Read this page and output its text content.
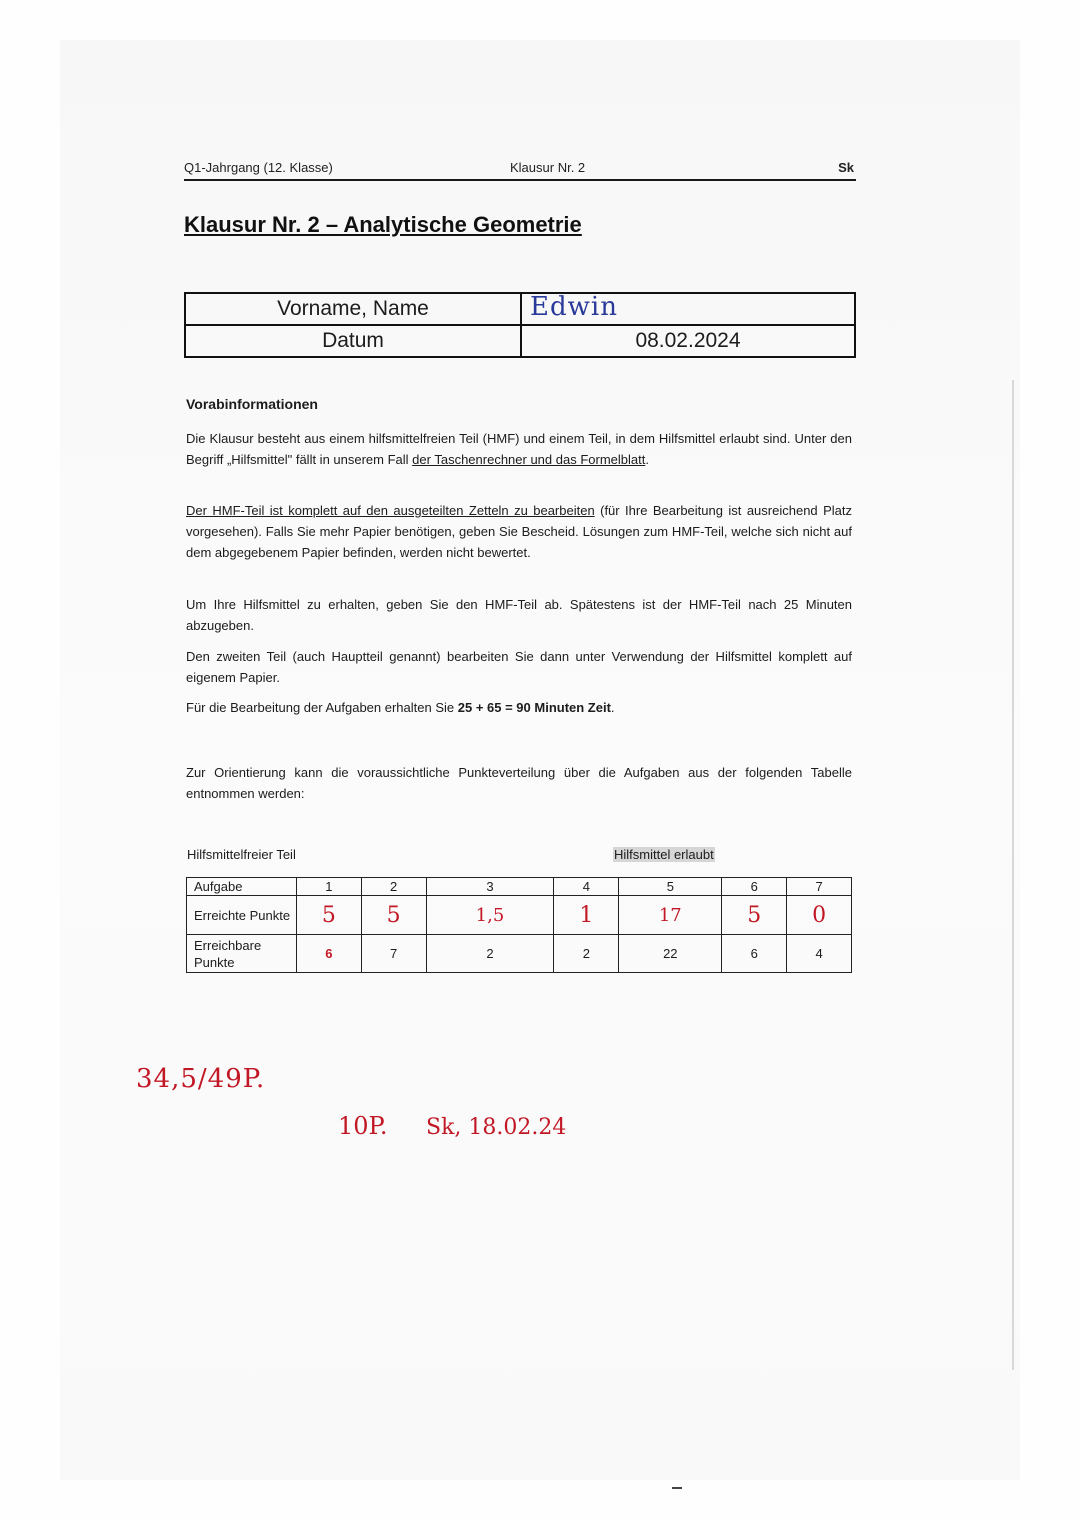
Q1-Jahrgang (12. Klasse)	Klausur Nr. 2	Sk
Klausur Nr. 2 – Analytische Geometrie
Vorname, Name	Edwin

Datum	08.02.2024
Vorabinformationen

Die Klausur besteht aus einem hilfsmittelfreien Teil (HMF) und einem Teil, in dem Hilfsmittel erlaubt sind. Unter den Begriff „Hilfsmittel" fällt in unserem Fall der Taschenrechner und das Formelblatt.

Der HMF-Teil ist komplett auf den ausgeteilten Zetteln zu bearbeiten (für Ihre Bearbeitung ist ausreichend Platz vorgesehen). Falls Sie mehr Papier benötigen, geben Sie Bescheid. Lösungen zum HMF-Teil, welche sich nicht auf dem abgegebenem Papier befinden, werden nicht bewertet.

Um Ihre Hilfsmittel zu erhalten, geben Sie den HMF-Teil ab. Spätestens ist der HMF-Teil nach 25 Minuten abzugeben.

Den zweiten Teil (auch Hauptteil genannt) bearbeiten Sie dann unter Verwendung der Hilfsmittel komplett auf eigenem Papier.

Für die Bearbeitung der Aufgaben erhalten Sie 25 + 65 = 90 Minuten Zeit.

Zur Orientierung kann die voraussichtliche Punkteverteilung über die Aufgaben aus der folgenden Tabelle entnommen werden:

Hilfsmittelfreier Teil	Hilfsmittel erlaubt
Aufgabe	1	2	3	4	5	6	7
Erreichte Punkte	5	5	1,5	1	17	5	0
Erreichbare Punkte	6	7	2	2	22	6	4
34,5/49P.
10P. Sk, 18.02.24
